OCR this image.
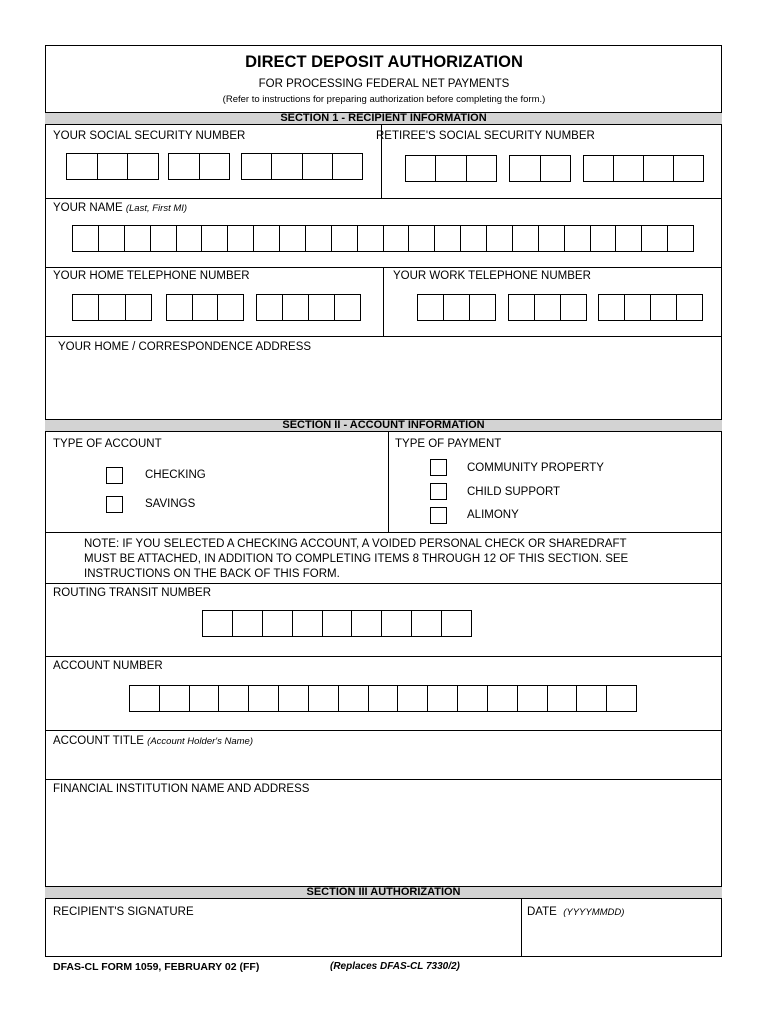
DIRECT DEPOSIT AUTHORIZATION
FOR PROCESSING FEDERAL NET PAYMENTS
(Refer to instructions for preparing authorization before completing the form.)
SECTION 1 - RECIPIENT INFORMATION
YOUR SOCIAL SECURITY NUMBER	RETIREE'S SOCIAL SECURITY NUMBER
YOUR NAME (Last, First MI)
YOUR HOME TELEPHONE NUMBER	YOUR WORK TELEPHONE NUMBER
YOUR HOME / CORRESPONDENCE ADDRESS
SECTION II - ACCOUNT INFORMATION
TYPE OF ACCOUNT	TYPE OF PAYMENT
CHECKING
SAVINGS
COMMUNITY PROPERTY
CHILD SUPPORT
ALIMONY
ROUTING TRANSIT NUMBER
ACCOUNT NUMBER
ACCOUNT TITLE (Account Holder's Name)
FINANCIAL INSTITUTION NAME AND ADDRESS
SECTION III AUTHORIZATION
RECIPIENT'S SIGNATURE	DATE (YYYYMMDD)
NOTE: IF YOU SELECTED A CHECKING ACCOUNT, A VOIDED PERSONAL CHECK OR SHAREDRAFT
MUST BE ATTACHED, IN ADDITION TO COMPLETING ITEMS 8 THROUGH 12 OF THIS SECTION. SEE
INSTRUCTIONS ON THE BACK OF THIS FORM.
DFAS-CL FORM 1059, FEBRUARY 02 (FF)	(Replaces DFAS-CL 7330/2)
